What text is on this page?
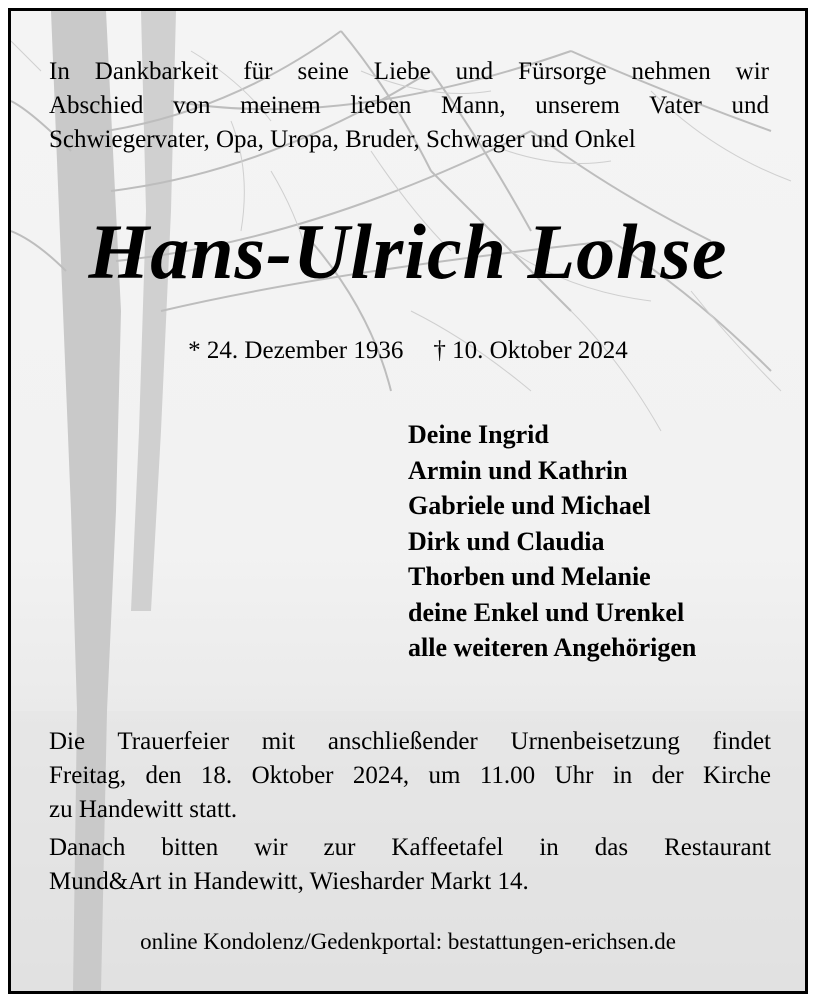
In Dankbarkeit für seine Liebe und Fürsorge nehmen wir

Abschied von meinem lieben Mann, unserem Vater und

Schwiegervater, Opa, Uropa, Bruder, Schwager und Onkel

Hans-Ulrich Lohse
* 24. Dezember 1936 † 10. Oktober 2024
Deine Ingrid
Armin und Kathrin
Gabriele und Michael
Dirk und Claudia
Thorben und Melanie
deine Enkel und Urenkel
alle weiteren Angehörigen

Die Trauerfeier mit anschließender Urnenbeisetzung findet

Freitag, den 18. Oktober 2024, um 11.00 Uhr in der Kirche

zu Handewitt statt.

Danach bitten wir zur Kaffeetafel in das Restaurant

Mund&Art in Handewitt, Wiesharder Markt 14.

online Kondolenz/Gedenkportal: bestattungen-erichsen.de
